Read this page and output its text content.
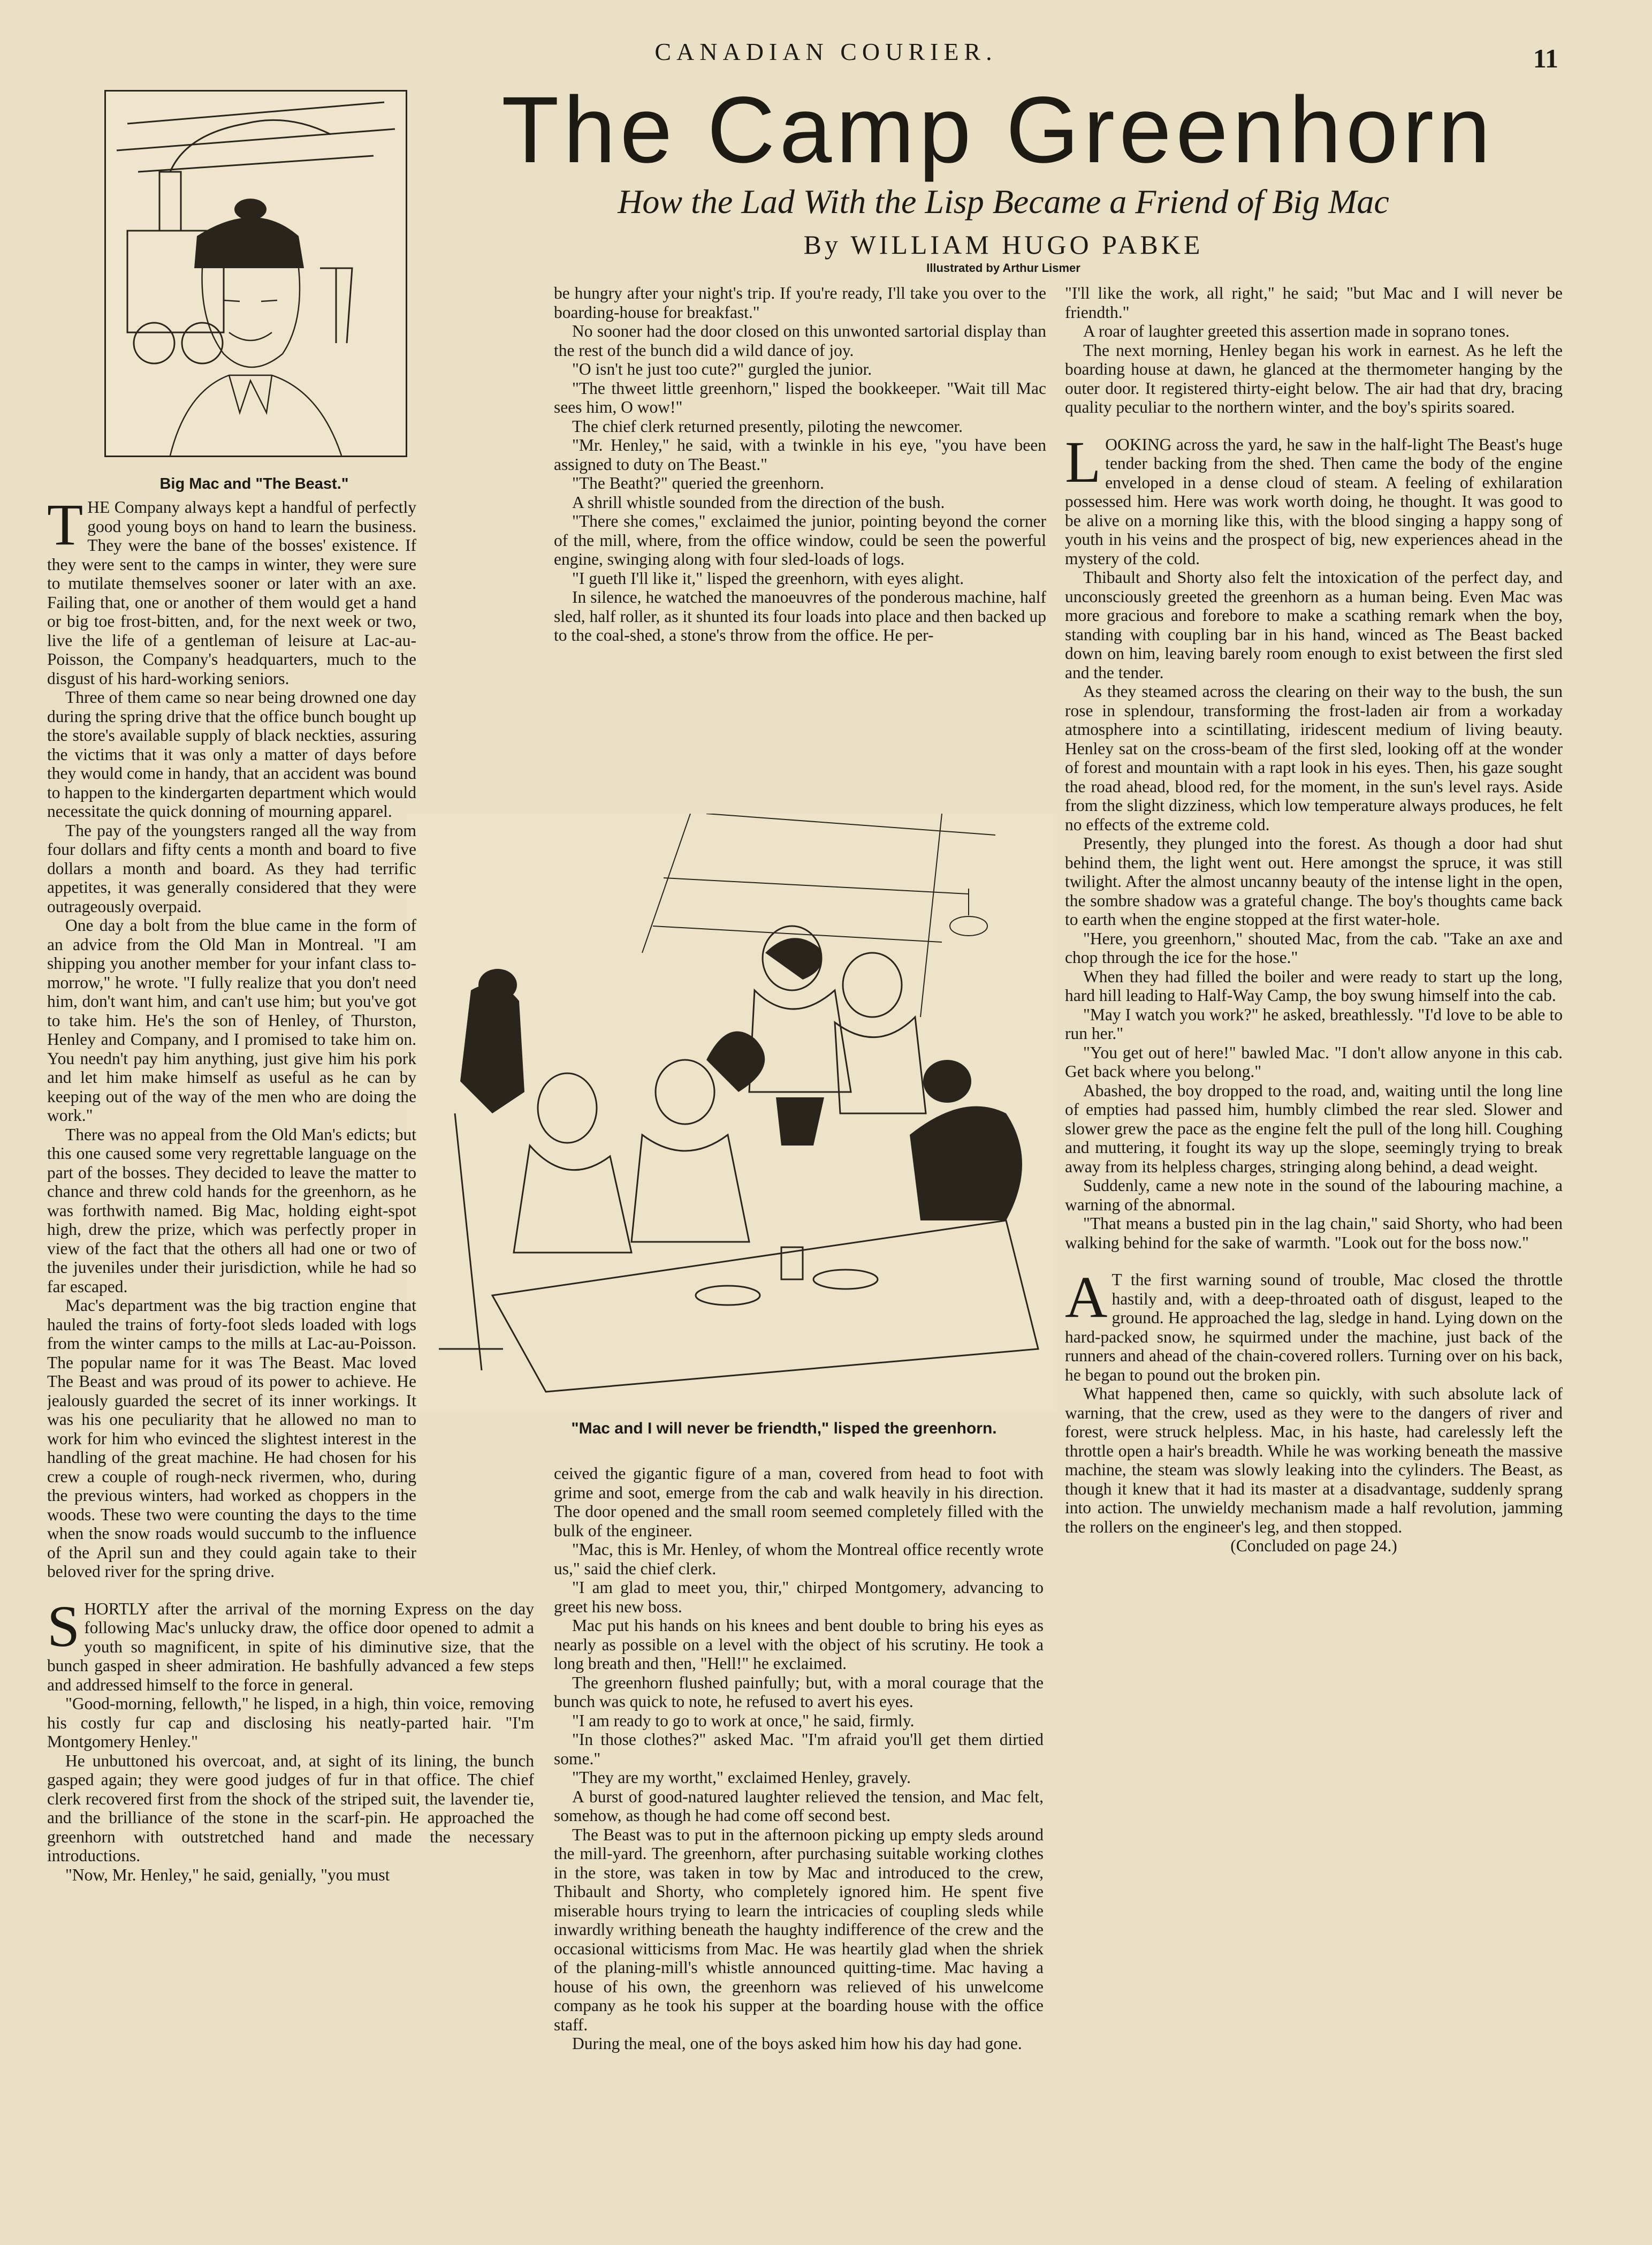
CANADIAN COURIER.	11
Big Mac and "The Beast."
The Camp Greenhorn
How the Lad With the Lisp Became a Friend of Big Mac
By WILLIAM HUGO PABKE
Illustrated by Arthur Lismer
"Mac and I will never be friendth," lisped the greenhorn.

THE Company always kept a handful of perfectly good young boys on hand to learn the business. They were the bane of the bosses' existence. If they were sent to the camps in winter, they were sure to mutilate themselves sooner or later with an axe. Failing that, one or another of them would get a hand or big toe frost-bitten, and, for the next week or two, live the life of a gentleman of leisure at Lac-au-Poisson, the Company's headquarters, much to the disgust of his hard-working seniors.

Three of them came so near being drowned one day during the spring drive that the office bunch bought up the store's available supply of black neckties, assuring the victims that it was only a matter of days before they would come in handy, that an accident was bound to happen to the kindergarten department which would necessitate the quick donning of mourning apparel.

The pay of the youngsters ranged all the way from four dollars and fifty cents a month and board to five dollars a month and board. As they had terrific appetites, it was generally considered that they were outrageously overpaid.

One day a bolt from the blue came in the form of an advice from the Old Man in Montreal. "I am shipping you another member for your infant class to-morrow," he wrote. "I fully realize that you don't need him, don't want him, and can't use him; but you've got to take him. He's the son of Henley, of Thurston, Henley and Company, and I promised to take him on. You needn't pay him anything, just give him his pork and let him make himself as useful as he can by keeping out of the way of the men who are doing the work."

There was no appeal from the Old Man's edicts; but this one caused some very regrettable language on the part of the bosses. They decided to leave the matter to chance and threw cold hands for the greenhorn, as he was forthwith named. Big Mac, holding eight-spot high, drew the prize, which was perfectly proper in view of the fact that the others all had one or two of the juveniles under their jurisdiction, while he had so far escaped.

Mac's department was the big traction engine that hauled the trains of forty-foot sleds loaded with logs from the winter camps to the mills at Lac-au-Poisson. The popular name for it was The Beast. Mac loved The Beast and was proud of its power to achieve. He jealously guarded the secret of its inner workings. It was his one peculiarity that he allowed no man to work for him who evinced the slightest interest in the handling of the great machine. He had chosen for his crew a couple of rough-neck rivermen, who, during the previous winters, had worked as choppers in the woods. These two were counting the days to the time when the snow roads would succumb to the influence of the April sun and they could again take to their beloved river for the spring drive.

SHORTLY after the arrival of the morning Express on the day following Mac's unlucky draw, the office door opened to admit a youth so magnificent, in spite of his diminutive size, that the bunch gasped in sheer admiration. He bashfully advanced a few steps and addressed himself to the force in general.

"Good-morning, fellowth," he lisped, in a high, thin voice, removing his costly fur cap and disclosing his neatly-parted hair. "I'm Montgomery Henley."

He unbuttoned his overcoat, and, at sight of its lining, the bunch gasped again; they were good judges of fur in that office. The chief clerk recovered first from the shock of the striped suit, the lavender tie, and the brilliance of the stone in the scarf-pin. He approached the greenhorn with outstretched hand and made the necessary introductions.

"Now, Mr. Henley," he said, genially, "you must

be hungry after your night's trip. If you're ready, I'll take you over to the boarding-house for breakfast."

No sooner had the door closed on this unwonted sartorial display than the rest of the bunch did a wild dance of joy.

"O isn't he just too cute?" gurgled the junior.

"The thweet little greenhorn," lisped the bookkeeper. "Wait till Mac sees him, O wow!"

The chief clerk returned presently, piloting the newcomer.

"Mr. Henley," he said, with a twinkle in his eye, "you have been assigned to duty on The Beast."

"The Beatht?" queried the greenhorn.

A shrill whistle sounded from the direction of the bush.

"There she comes," exclaimed the junior, pointing beyond the corner of the mill, where, from the office window, could be seen the powerful engine, swinging along with four sled-loads of logs.

"I gueth I'll like it," lisped the greenhorn, with eyes alight.

In silence, he watched the manoeuvres of the ponderous machine, half sled, half roller, as it shunted its four loads into place and then backed up to the coal-shed, a stone's throw from the office. He per-

ceived the gigantic figure of a man, covered from head to foot with grime and soot, emerge from the cab and walk heavily in his direction. The door opened and the small room seemed completely filled with the bulk of the engineer.

"Mac, this is Mr. Henley, of whom the Montreal office recently wrote us," said the chief clerk.

"I am glad to meet you, thir," chirped Montgomery, advancing to greet his new boss.

Mac put his hands on his knees and bent double to bring his eyes as nearly as possible on a level with the object of his scrutiny. He took a long breath and then, "Hell!" he exclaimed.

The greenhorn flushed painfully; but, with a moral courage that the bunch was quick to note, he refused to avert his eyes.

"I am ready to go to work at once," he said, firmly.

"In those clothes?" asked Mac. "I'm afraid you'll get them dirtied some."

"They are my wortht," exclaimed Henley, gravely.

A burst of good-natured laughter relieved the tension, and Mac felt, somehow, as though he had come off second best.

The Beast was to put in the afternoon picking up empty sleds around the mill-yard. The greenhorn, after purchasing suitable working clothes in the store, was taken in tow by Mac and introduced to the crew, Thibault and Shorty, who completely ignored him. He spent five miserable hours trying to learn the intricacies of coupling sleds while inwardly writhing beneath the haughty indifference of the crew and the occasional witticisms from Mac. He was heartily glad when the shriek of the planing-mill's whistle announced quitting-time. Mac having a house of his own, the greenhorn was relieved of his unwelcome company as he took his supper at the boarding house with the office staff.

During the meal, one of the boys asked him how his day had gone.

"I'll like the work, all right," he said; "but Mac and I will never be friendth."

A roar of laughter greeted this assertion made in soprano tones.

The next morning, Henley began his work in earnest. As he left the boarding house at dawn, he glanced at the thermometer hanging by the outer door. It registered thirty-eight below. The air had that dry, bracing quality peculiar to the northern winter, and the boy's spirits soared.

LOOKING across the yard, he saw in the half-light The Beast's huge tender backing from the shed. Then came the body of the engine enveloped in a dense cloud of steam. A feeling of exhilaration possessed him. Here was work worth doing, he thought. It was good to be alive on a morning like this, with the blood singing a happy song of youth in his veins and the prospect of big, new experiences ahead in the mystery of the cold.

Thibault and Shorty also felt the intoxication of the perfect day, and unconsciously greeted the greenhorn as a human being. Even Mac was more gracious and forebore to make a scathing remark when the boy, standing with coupling bar in his hand, winced as The Beast backed down on him, leaving barely room enough to exist between the first sled and the tender.

As they steamed across the clearing on their way to the bush, the sun rose in splendour, transforming the frost-laden air from a workaday atmosphere into a scintillating, iridescent medium of living beauty. Henley sat on the cross-beam of the first sled, looking off at the wonder of forest and mountain with a rapt look in his eyes. Then, his gaze sought the road ahead, blood red, for the moment, in the sun's level rays. Aside from the slight dizziness, which low temperature always produces, he felt no effects of the extreme cold.

Presently, they plunged into the forest. As though a door had shut behind them, the light went out. Here amongst the spruce, it was still twilight. After the almost uncanny beauty of the intense light in the open, the sombre shadow was a grateful change. The boy's thoughts came back to earth when the engine stopped at the first water-hole.

"Here, you greenhorn," shouted Mac, from the cab. "Take an axe and chop through the ice for the hose."

When they had filled the boiler and were ready to start up the long, hard hill leading to Half-Way Camp, the boy swung himself into the cab.

"May I watch you work?" he asked, breathlessly. "I'd love to be able to run her."

"You get out of here!" bawled Mac. "I don't allow anyone in this cab. Get back where you belong."

Abashed, the boy dropped to the road, and, waiting until the long line of empties had passed him, humbly climbed the rear sled. Slower and slower grew the pace as the engine felt the pull of the long hill. Coughing and muttering, it fought its way up the slope, seemingly trying to break away from its helpless charges, stringing along behind, a dead weight.

Suddenly, came a new note in the sound of the labouring machine, a warning of the abnormal.

"That means a busted pin in the lag chain," said Shorty, who had been walking behind for the sake of warmth. "Look out for the boss now."

A T the first warning sound of trouble, Mac closed the throttle hastily and, with a deep-throated oath of disgust, leaped to the ground. He approached the lag, sledge in hand. Lying down on the hard-packed snow, he squirmed under the machine, just back of the runners and ahead of the chain-covered rollers. Turning over on his back, he began to pound out the broken pin.

What happened then, came so quickly, with such absolute lack of warning, that the crew, used as they were to the dangers of river and forest, were struck helpless. Mac, in his haste, had carelessly left the throttle open a hair's breadth. While he was working beneath the massive machine, the steam was slowly leaking into the cylinders. The Beast, as though it knew that it had its master at a disadvantage, suddenly sprang into action. The unwieldy mechanism made a half revolution, jamming the rollers on the engineer's leg, and then stopped.

(Concluded on page 24.)
